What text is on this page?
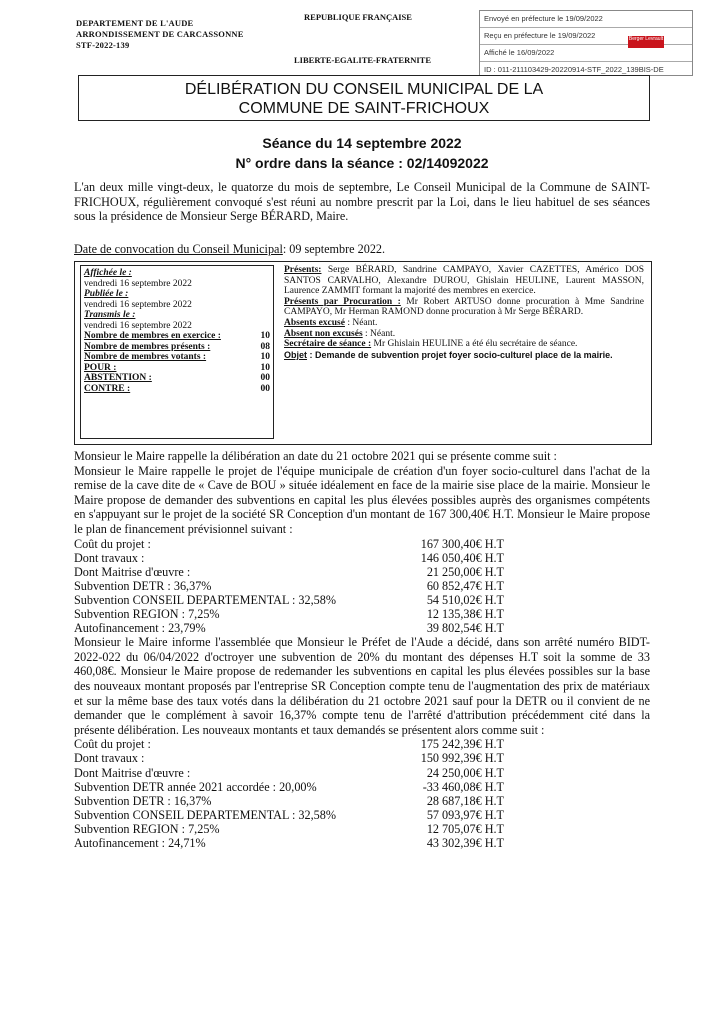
DEPARTEMENT DE L'AUDE
ARRONDISSEMENT DE CARCASSONNE
STF-2022-139
REPUBLIQUE FRANÇAISE
LIBERTE-EGALITE-FRATERNITE
Envoyé en préfecture le 19/09/2022
Reçu en préfecture le 19/09/2022
Affiché le 16/09/2022
ID : 011-211103429-20220914-STF_2022_139BIS-DE
Berger Levrault
DÉLIBÉRATION DU CONSEIL MUNICIPAL DE LA
COMMUNE DE SAINT-FRICHOUX
Séance du 14 septembre 2022
N° ordre dans la séance : 02/14092022
L'an deux mille vingt-deux, le quatorze du mois de septembre, Le Conseil Municipal de la Commune de SAINT-FRICHOUX, régulièrement convoqué s'est réuni au nombre prescrit par la Loi, dans le lieu habituel de ses séances sous la présidence de Monsieur Serge BÉRARD, Maire.
Date de convocation du Conseil Municipal: 09 septembre 2022.
Affichée le :
vendredi 16 septembre 2022
Publiée le :
vendredi 16 septembre 2022
Transmis le :
vendredi 16 septembre 2022
Nombre de membres en exercice :	10
Nombre de membres présents :	08
Nombre de membres votants :	10
POUR :	10
ABSTENTION :	00
CONTRE :	00
Présents: Serge BÉRARD, Sandrine CAMPAYO, Xavier CAZETTES, Américo DOS SANTOS CARVALHO, Alexandre DUROU, Ghislain HEULINE, Laurent MASSON, Laurence ZAMMIT formant la majorité des membres en exercice.
Présents par Procuration : Mr Robert ARTUSO donne procuration à Mme Sandrine CAMPAYO, Mr Herman RAMOND donne procuration à Mr Serge BÉRARD.
Absents excusé : Néant.
Absent non excusés : Néant.
Secrétaire de séance : Mr Ghislain HEULINE a été élu secrétaire de séance.
Objet : Demande de subvention projet foyer socio-culturel place de la mairie.
Monsieur le Maire rappelle la délibération an date du 21 octobre 2021 qui se présente comme suit :
Monsieur le Maire rappelle le projet de l'équipe municipale de création d'un foyer socio-culturel dans l'achat de la remise de la cave dite de « Cave de BOU » située idéalement en face de la mairie sise place de la mairie. Monsieur le Maire propose de demander des subventions en capital les plus élevées possibles auprès des organismes compétents en s'appuyant sur le projet de la société SR Conception d'un montant de 167 300,40€ H.T. Monsieur le Maire propose le plan de financement prévisionnel suivant :
Coût du projet :	167 300,40€ H.T
Dont travaux :	146 050,40€ H.T
Dont Maitrise d'œuvre :	21 250,00€ H.T
Subvention DETR : 36,37%	60 852,47€ H.T
Subvention CONSEIL DEPARTEMENTAL : 32,58%	54 510,02€ H.T
Subvention REGION : 7,25%	12 135,38€ H.T
Autofinancement : 23,79%	39 802,54€ H.T
Monsieur le Maire informe l'assemblée que Monsieur le Préfet de l'Aude a décidé, dans son arrêté numéro BIDT-2022-022 du 06/04/2022 d'octroyer une subvention de 20% du montant des dépenses H.T soit la somme de 33 460,08€. Monsieur le Maire propose de redemander les subventions en capital les plus élevées possibles sur la base des nouveaux montant proposés par l'entreprise SR Conception compte tenu de l'augmentation des prix de matériaux et sur la même base des taux votés dans la délibération du 21 octobre 2021 sauf pour la DETR ou il convient de ne demander que le complément à savoir 16,37% compte tenu de l'arrêté d'attribution précédemment cité dans la présente délibération. Les nouveaux montants et taux demandés se présentent alors comme suit :
Coût du projet :	175 242,39€ H.T
Dont travaux :	150 992,39€ H.T
Dont Maitrise d'œuvre :	24 250,00€ H.T
Subvention DETR année 2021 accordée : 20,00%	-33 460,08€ H.T
Subvention DETR : 16,37%	28 687,18€ H.T
Subvention CONSEIL DEPARTEMENTAL : 32,58%	57 093,97€ H.T
Subvention REGION : 7,25%	12 705,07€ H.T
Autofinancement : 24,71%	43 302,39€ H.T
